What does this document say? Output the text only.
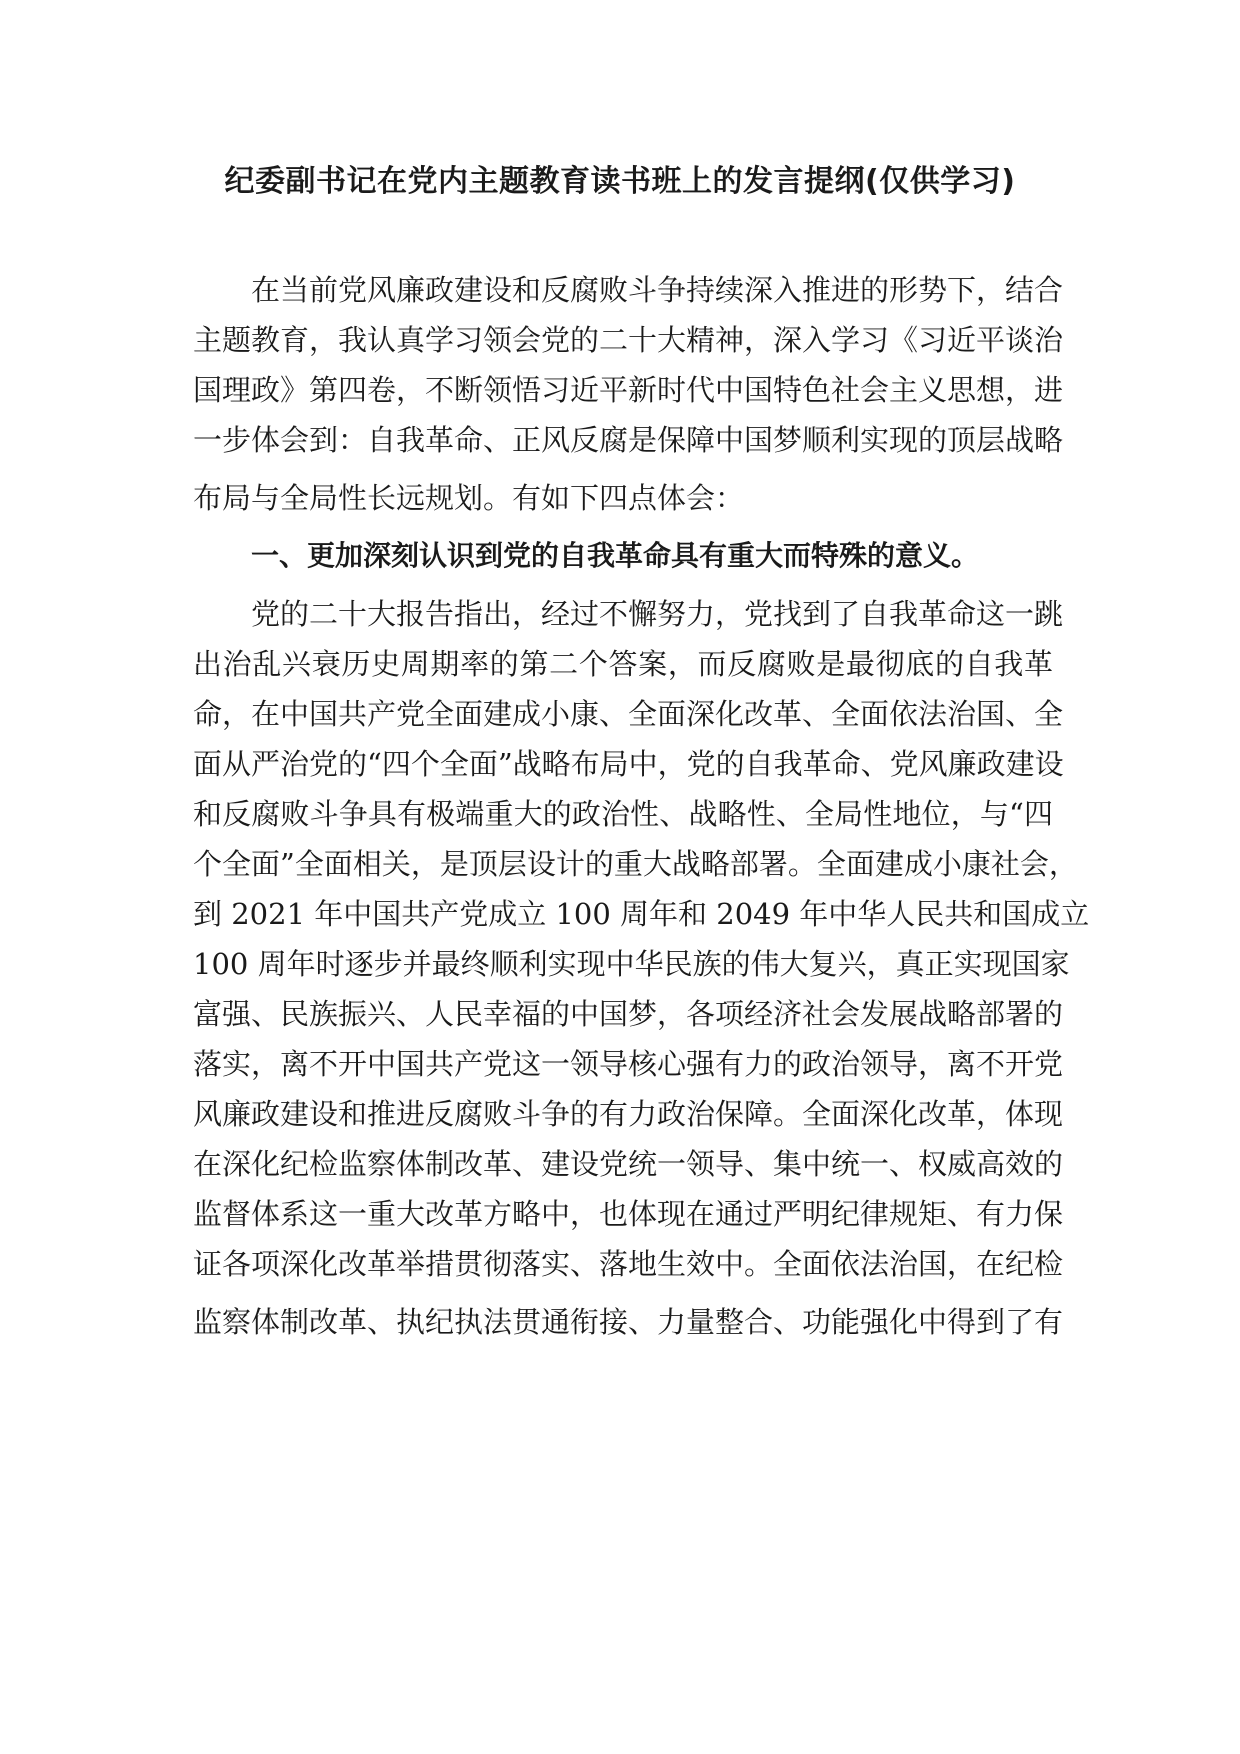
纪委副书记在党内主题教育读书班上的发言提纲(仅供学习)

在当前党风廉政建设和反腐败斗争持续深入推进的形势下，结合

主题教育，我认真学习领会党的二十大精神，深入学习《习近平谈治

国理政》第四卷，不断领悟习近平新时代中国特色社会主义思想，进

一步体会到：自我革命、正风反腐是保障中国梦顺利实现的顶层战略

布局与全局性长远规划。有如下四点体会：

一、更加深刻认识到党的自我革命具有重大而特殊的意义。

党的二十大报告指出，经过不懈努力，党找到了自我革命这一跳

出治乱兴衰历史周期率的第二个答案，而反腐败是最彻底的自我革

命，在中国共产党全面建成小康、全面深化改革、全面依法治国、全

面从严治党的“四个全面”战略布局中，党的自我革命、党风廉政建设

和反腐败斗争具有极端重大的政治性、战略性、全局性地位，与“四

个全面”全面相关，是顶层设计的重大战略部署。全面建成小康社会，

到 2021 年中国共产党成立 100 周年和 2049 年中华人民共和国成立

100 周年时逐步并最终顺利实现中华民族的伟大复兴，真正实现国家

富强、民族振兴、人民幸福的中国梦，各项经济社会发展战略部署的

落实，离不开中国共产党这一领导核心强有力的政治领导，离不开党

风廉政建设和推进反腐败斗争的有力政治保障。全面深化改革，体现

在深化纪检监察体制改革、建设党统一领导、集中统一、权威高效的

监督体系这一重大改革方略中，也体现在通过严明纪律规矩、有力保

证各项深化改革举措贯彻落实、落地生效中。全面依法治国，在纪检

监察体制改革、执纪执法贯通衔接、力量整合、功能强化中得到了有
